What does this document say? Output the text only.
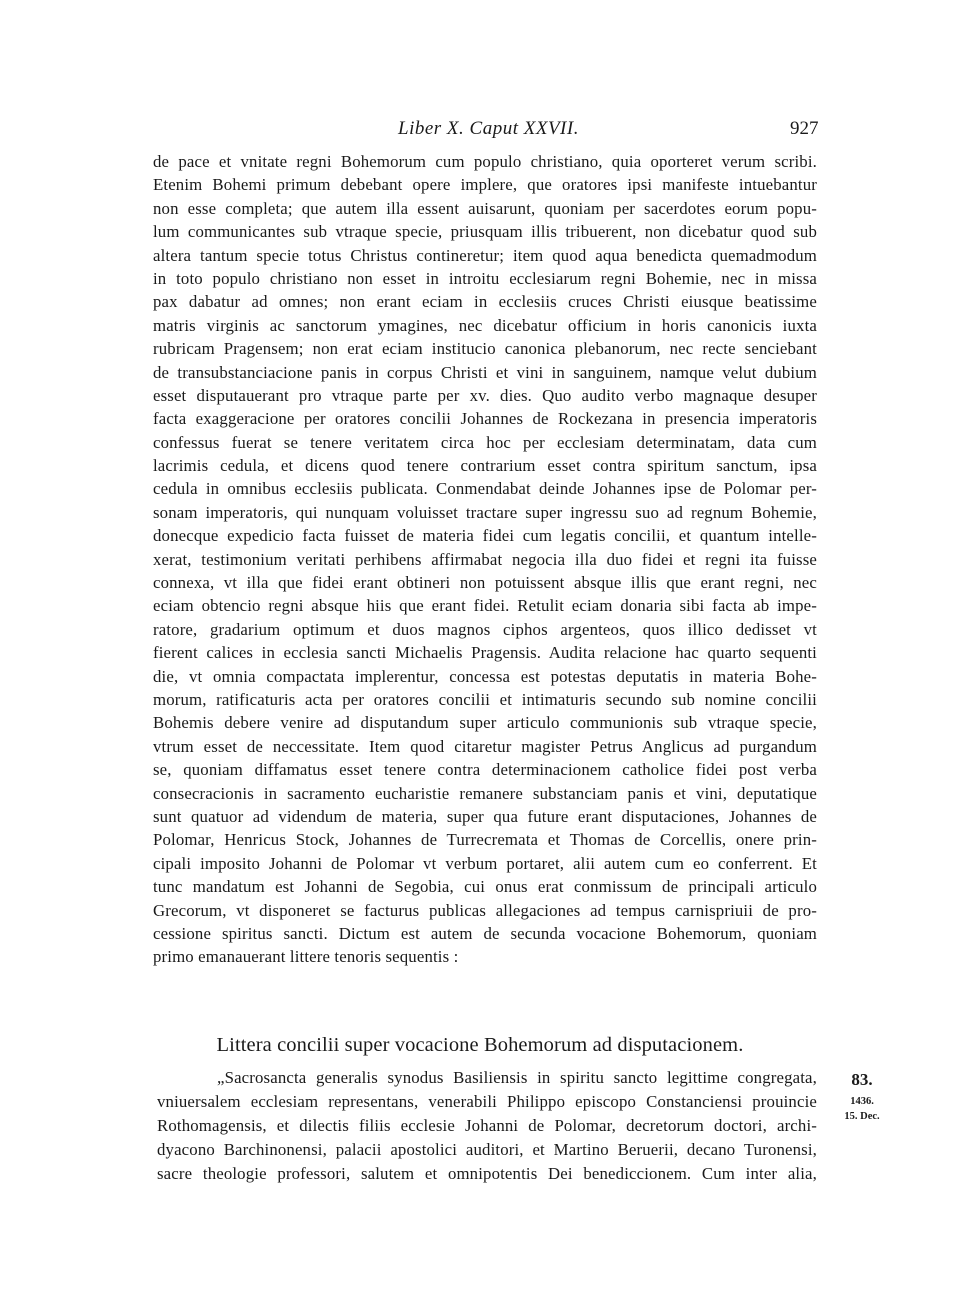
Liber X. Caput XXVII.	927
de pace et vnitate regni Bohemorum cum populo christiano, quia oporteret verum scribi.
Etenim Bohemi primum debebant opere implere, que oratores ipsi manifeste intuebantur
non esse completa; que autem illa essent auisarunt, quoniam per sacerdotes eorum popu-
lum communicantes sub vtraque specie, priusquam illis tribuerent, non dicebatur quod sub
altera tantum specie totus Christus contineretur; item quod aqua benedicta quemadmodum
in toto populo christiano non esset in introitu ecclesiarum regni Bohemie, nec in missa
pax dabatur ad omnes; non erant eciam in ecclesiis cruces Christi eiusque beatissime
matris virginis ac sanctorum ymagines, nec dicebatur officium in horis canonicis iuxta
rubricam Pragensem; non erat eciam institucio canonica plebanorum, nec recte senciebant
de transubstanciacione panis in corpus Christi et vini in sanguinem, namque velut dubium
esset disputauerant pro vtraque parte per xv. dies. Quo audito verbo magnaque desuper
facta exaggeracione per oratores concilii Johannes de Rockezana in presencia imperatoris
confessus fuerat se tenere veritatem circa hoc per ecclesiam determinatam, data cum
lacrimis cedula, et dicens quod tenere contrarium esset contra spiritum sanctum, ipsa
cedula in omnibus ecclesiis publicata. Conmendabat deinde Johannes ipse de Polomar per-
sonam imperatoris, qui nunquam voluisset tractare super ingressu suo ad regnum Bohemie,
donecque expedicio facta fuisset de materia fidei cum legatis concilii, et quantum intelle-
xerat, testimonium veritati perhibens affirmabat negocia illa duo fidei et regni ita fuisse
connexa, vt illa que fidei erant obtineri non potuissent absque illis que erant regni, nec
eciam obtencio regni absque hiis que erant fidei. Retulit eciam donaria sibi facta ab impe-
ratore, gradarium optimum et duos magnos ciphos argenteos, quos illico dedisset vt
fierent calices in ecclesia sancti Michaelis Pragensis. Audita relacione hac quarto sequenti
die, vt omnia compactata implerentur, concessa est potestas deputatis in materia Bohe-
morum, ratificaturis acta per oratores concilii et intimaturis secundo sub nomine concilii
Bohemis debere venire ad disputandum super articulo communionis sub vtraque specie,
vtrum esset de neccessitate. Item quod citaretur magister Petrus Anglicus ad purgandum
se, quoniam diffamatus esset tenere contra determinacionem catholice fidei post verba
consecracionis in sacramento eucharistie remanere substanciam panis et vini, deputatique
sunt quatuor ad videndum de materia, super qua future erant disputaciones, Johannes de
Polomar, Henricus Stock, Johannes de Turrecremata et Thomas de Corcellis, onere prin-
cipali imposito Johanni de Polomar vt verbum portaret, alii autem cum eo conferrent. Et
tunc mandatum est Johanni de Segobia, cui onus erat conmissum de principali articulo
Grecorum, vt disponeret se facturus publicas allegaciones ad tempus carnispriuii de pro-
cessione spiritus sancti. Dictum est autem de secunda vocacione Bohemorum, quoniam
primo emanauerant littere tenoris sequentis :
Littera concilii super vocacione Bohemorum ad disputacionem.
„Sacrosancta generalis synodus Basiliensis in spiritu sancto legittime congregata,
vniuersalem ecclesiam representans, venerabili Philippo episcopo Constanciensi prouincie
Rothomagensis, et dilectis filiis ecclesie Johanni de Polomar, decretorum doctori, archi-
dyacono Barchinonensi, palacii apostolici auditori, et Martino Beruerii, decano Turonensi,
sacre theologie professori, salutem et omnipotentis Dei benediccionem. Cum inter alia,
83.
1436.
15. Dec.
